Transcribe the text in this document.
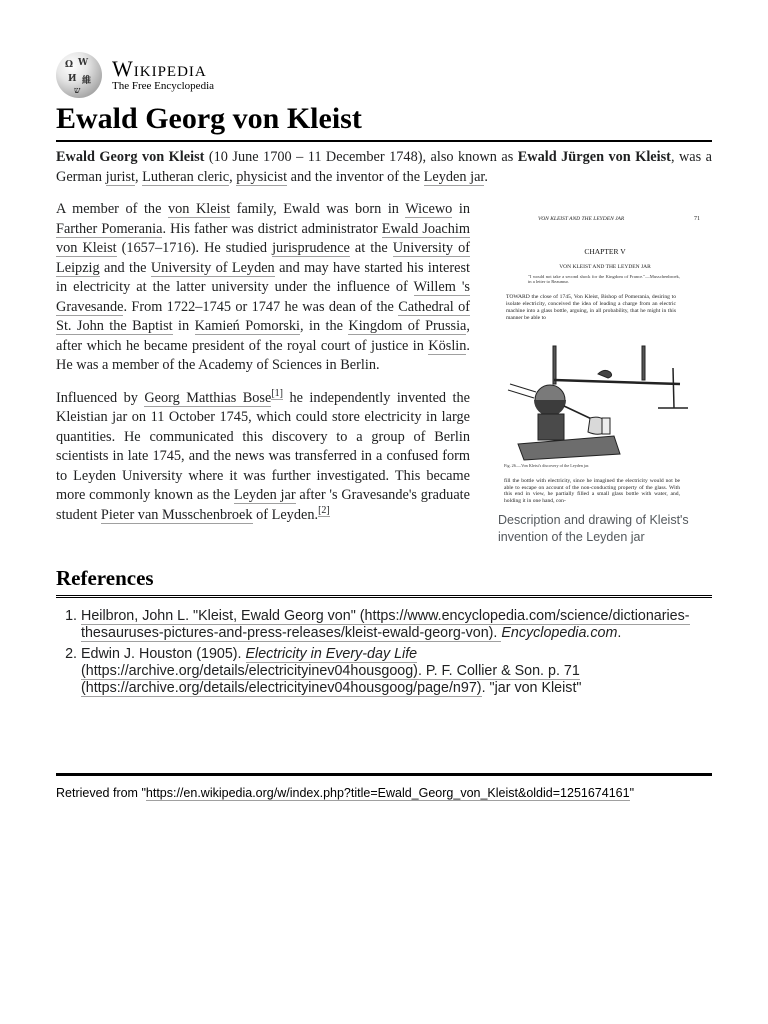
Ω W
И 維
ש
Wikipedia
The Free Encyclopedia
Ewald Georg von Kleist

Ewald Georg von Kleist (10 June 1700 – 11 December 1748), also known as Ewald Jürgen von Kleist, was a German jurist, Lutheran cleric, physicist and the inventor of the Leyden jar.

VON KLEIST AND THE LEYDEN JAR	71
CHAPTER V
VON KLEIST AND THE LEYDEN JAR
"I would not take a second shock for the Kingdom of France."—Musschenbroek, in a letter to Reaumur.
TOWARD the close of 1745, Von Kleist, Bishop of Pomerania, desiring to isolate electricity, conceived the idea of leading a charge from an electric machine into a glass bottle, arguing, in all probability, that he might in this manner be able to
Fig. 26.—Von Kleist's discovery of the Leyden jar.
fill the bottle with electricity, since he imagined the electricity would not be able to escape on account of the non-conducting property of the glass. With this end in view, he partially filled a small glass bottle with water, and, holding it in one hand, con-
Description and drawing of Kleist's invention of the Leyden jar

A member of the von Kleist family, Ewald was born in Wicewo in Farther Pomerania. His father was district administrator Ewald Joachim von Kleist (1657–1716). He studied jurisprudence at the University of Leipzig and the University of Leyden and may have started his interest in electricity at the latter university under the influence of Willem 's Gravesande. From 1722–1745 or 1747 he was dean of the Cathedral of St. John the Baptist in Kamień Pomorski, in the Kingdom of Prussia, after which he became president of the royal court of justice in Köslin. He was a member of the Academy of Sciences in Berlin.

Influenced by Georg Matthias Bose[1] he independently invented the Kleistian jar on 11 October 1745, which could store electricity in large quantities. He communicated this discovery to a group of Berlin scientists in late 1745, and the news was transferred in a confused form to Leyden University where it was further investigated. This became more commonly known as the Leyden jar after 's Gravesande's graduate student Pieter van Musschenbroek of Leyden.[2]

References
1. Heilbron, John L. "Kleist, Ewald Georg von" (https://www.encyclopedia.com/science/dictionaries-thesauruses-pictures-and-press-releases/kleist-ewald-georg-von). Encyclopedia.com.
2. Edwin J. Houston (1905). Electricity in Every-day Life (https://archive.org/details/electricityinev04housgoog). P. F. Collier & Son. p. 71 (https://archive.org/details/electricityinev04housgoog/page/n97). "jar von Kleist"
Retrieved from "https://en.wikipedia.org/w/index.php?title=Ewald_Georg_von_Kleist&oldid=1251674161"
